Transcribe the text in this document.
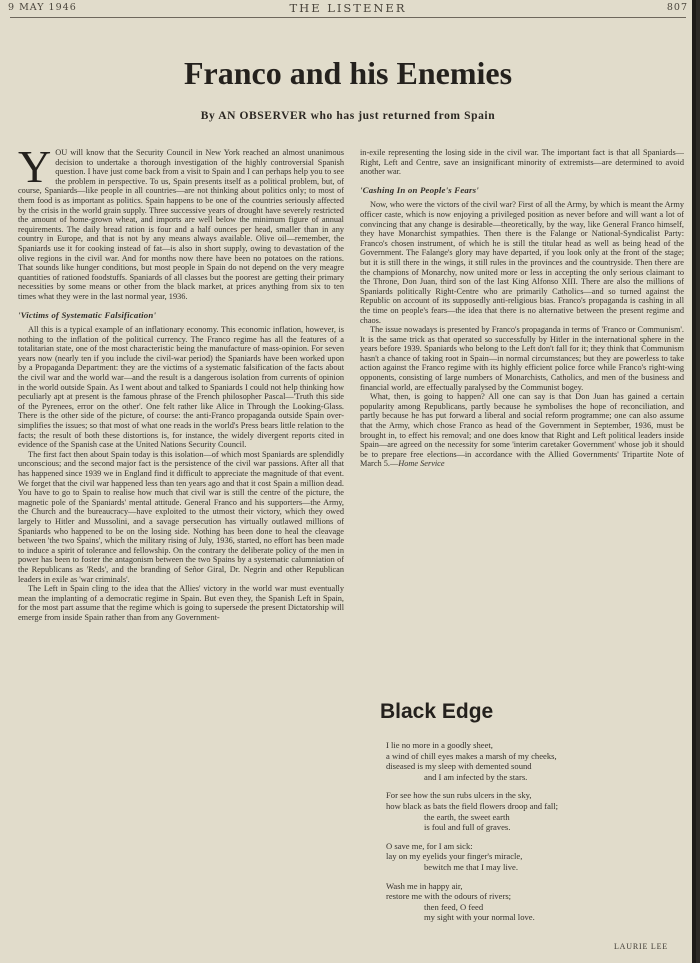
9 MAY 1946	THE LISTENER	807
Franco and his Enemies
By AN OBSERVER who has just returned from Spain

YOU will know that the Security Council in New York reached an almost unanimous decision to undertake a thorough investigation of the highly controversial Spanish question. I have just come back from a visit to Spain and I can perhaps help you to see the problem in perspective. To us, Spain presents itself as a political problem, but, of course, Spaniards—like people in all countries—are not thinking about politics only; to most of them food is as important as politics. Spain happens to be one of the countries seriously affected by the crisis in the world grain supply. Three successive years of drought have severely restricted the amount of home-grown wheat, and imports are well below the minimum figure of annual requirements. The daily bread ration is four and a half ounces per head, smaller than in any country in Europe, and that is not by any means always available. Olive oil—remember, the Spaniards use it for cooking instead of fat—is also in short supply, owing to devastation of the olive regions in the civil war. And for months now there have been no potatoes on the rations. That sounds like hunger conditions, but most people in Spain do not depend on the very meagre quantities of rationed foodstuffs. Spaniards of all classes but the poorest are getting their primary necessities by some means or other from the black market, at prices anything from six to ten times what they were in the last normal year, 1936.

'Victims of Systematic Falsification'

All this is a typical example of an inflationary economy. This economic inflation, however, is nothing to the inflation of the political currency. The Franco regime has all the features of a totalitarian state, one of the most characteristic being the manufacture of mass-opinion. For seven years now (nearly ten if you include the civil-war period) the Spaniards have been worked upon by a Propaganda Department: they are the victims of a systematic falsification of the facts about the civil war and the world war—and the result is a dangerous isolation from currents of opinion in the world outside Spain. As I went about and talked to Spaniards I could not help thinking how peculiarly apt at present is the famous phrase of the French philosopher Pascal—'Truth this side of the Pyrenees, error on the other'. One felt rather like Alice in Through the Looking-Glass. There is the other side of the picture, of course: the anti-Franco propaganda outside Spain over-simplifies the issues; so that most of what one reads in the world's Press bears little relation to the facts; the result of both these distortions is, for instance, the widely divergent reports cited in evidence of the Spanish case at the United Nations Security Council.

The first fact then about Spain today is this isolation—of which most Spaniards are splendidly unconscious; and the second major fact is the persistence of the civil war passions. After all that has happened since 1939 we in England find it difficult to appreciate the magnitude of that event. We forget that the civil war happened less than ten years ago and that it cost Spain a million dead. You have to go to Spain to realise how much that civil war is still the centre of the picture, the magnetic pole of the Spaniards' mental attitude. General Franco and his supporters—the Army, the Church and the bureaucracy—have exploited to the utmost their victory, which they owed largely to Hitler and Mussolini, and a savage persecution has virtually outlawed millions of Spaniards who happened to be on the losing side. Nothing has been done to heal the cleavage between 'the two Spains', which the military rising of July, 1936, started, no effort has been made to induce a spirit of tolerance and fellowship. On the contrary the deliberate policy of the men in power has been to foster the antagonism between the two Spains by a systematic calumniation of the Republicans as 'Reds', and the branding of Señor Giral, Dr. Negrin and other Republican leaders in exile as 'war criminals'.

The Left in Spain cling to the idea that the Allies' victory in the world war must eventually mean the implanting of a democratic regime in Spain. But even they, the Spanish Left in Spain, for the most part assume that the regime which is going to supersede the present Dictatorship will emerge from inside Spain rather than from any Government-

in-exile representing the losing side in the civil war. The important fact is that all Spaniards—Right, Left and Centre, save an insignificant minority of extremists—are determined to avoid another war.

'Cashing In on People's Fears'

Now, who were the victors of the civil war? First of all the Army, by which is meant the Army officer caste, which is now enjoying a privileged position as never before and will want a lot of convincing that any change is desirable—theoretically, by the way, like General Franco himself, they have Monarchist sympathies. Then there is the Falange or National-Syndicalist Party: Franco's chosen instrument, of which he is still the titular head as well as being head of the Government. The Falange's glory may have departed, if you look only at the front of the stage; but it is still there in the wings, it still rules in the provinces and the countryside. Then there are the champions of Monarchy, now united more or less in accepting the only serious claimant to the Throne, Don Juan, third son of the last King Alfonso XIII. There are also the millions of Spaniards politically Right-Centre who are primarily Catholics—and so turned against the Republic on account of its supposedly anti-religious bias. Franco's propaganda is cashing in all the time on people's fears—the idea that there is no alternative between the present regime and chaos.

The issue nowadays is presented by Franco's propaganda in terms of 'Franco or Communism'. It is the same trick as that operated so successfully by Hitler in the international sphere in the years before 1939. Spaniards who belong to the Left don't fall for it; they think that Communism hasn't a chance of taking root in Spain—in normal circumstances; but they are powerless to take action against the Franco regime with its highly efficient police force while Franco's right-wing opponents, consisting of large numbers of Monarchists, Catholics, and men of the business and financial world, are effectually paralysed by the Communist bogey.

What, then, is going to happen? All one can say is that Don Juan has gained a certain popularity among Republicans, partly because he symbolises the hope of reconciliation, and partly because he has put forward a liberal and social reform programme; one can also assume that the Army, which chose Franco as head of the Government in September, 1936, must be brought in, to effect his removal; and one does know that Right and Left political leaders inside Spain—are agreed on the necessity for some 'interim caretaker Government' whose job it should be to prepare free elections—in accordance with the Allied Governments' Tripartite Note of March 5.—Home Service

Black Edge
I lie no more in a goodly sheet,
a wind of chill eyes makes a marsh of my cheeks,
diseased is my sleep with demented sound
and I am infected by the stars.
For see how the sun rubs ulcers in the sky,
how black as bats the field flowers droop and fall;
the earth, the sweet earth
is foul and full of graves.
O save me, for I am sick:
lay on my eyelids your finger's miracle,
bewitch me that I may live.
Wash me in happy air,
restore me with the odours of rivers;
then feed, O feed
my sight with your normal love.
LAURIE LEE
